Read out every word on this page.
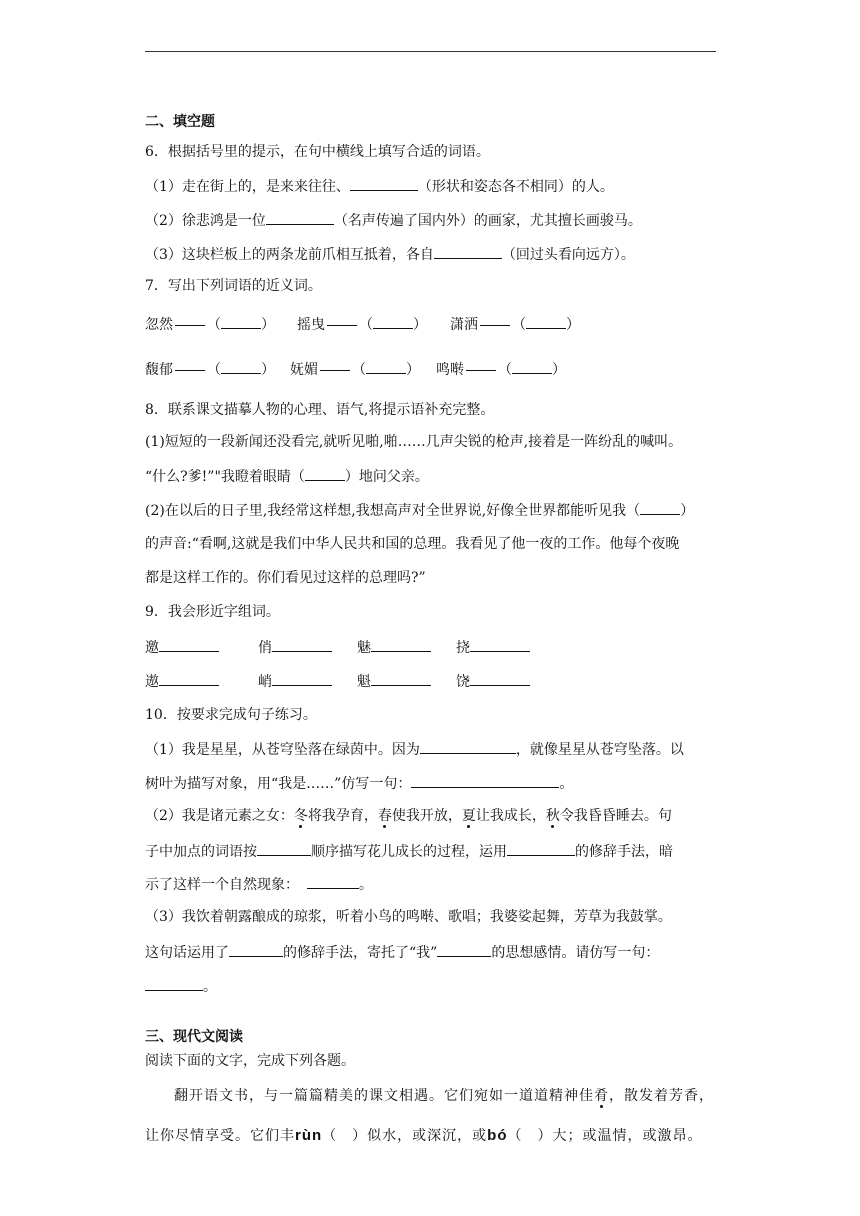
二、填空题
6．根据括号里的提示，在句中横线上填写合适的词语。
（1）走在街上的，是来来往往、	（形状和姿态各不相同）的人。
（2）徐悲鸿是一位	（名声传遍了国内外）的画家，尤其擅长画骏马。
（3）这块栏板上的两条龙前爪相互抵着，各自	（回过头看向远方）。
7．写出下列词语的近义词。
忽然 （	） 摇曳 （	） 潇洒 （	）
馥郁 （	） 妩媚 （	） 鸣啭 （	）
8．联系课文描摹人物的心理、语气,将提示语补充完整。
(1)短短的一段新闻还没看完,就听见啪,啪……几声尖锐的枪声,接着是一阵纷乱的喊叫。
“什么?爹!”"我瞪着眼睛（	）地问父亲。
(2)在以后的日子里,我经常这样想,我想高声对全世界说,好像全世界都能听见我（	）
的声音:“看啊,这就是我们中华人民共和国的总理。我看见了他一夜的工作。他每个夜晚
都是这样工作的。你们看见过这样的总理吗?”
9．我会形近字组词。
邀	俏	魅	挠
遨	峭	魁	饶
10．按要求完成句子练习。
（1）我是星星，从苍穹坠落在绿茵中。因为	，就像星星从苍穹坠落。以
树叶为描写对象，用“我是……”仿写一句：	。
（2）我是诸元素之女：冬将我孕育，春使我开放，夏让我成长，秋令我昏昏睡去。句
子中加点的词语按	顺序描写花儿成长的过程，运用	的修辞手法，暗
示了这样一个自然现象：	。
（3）我饮着朝露酿成的琼浆，听着小鸟的鸣啭、歌唱；我婆娑起舞，芳草为我鼓掌。
这句话运用了	的修辞手法，寄托了“我”	的思想感情。请仿写一句：
。
三、现代文阅读
阅读下面的文字，完成下列各题。
翻开语文书，与一篇篇精美的课文相遇。它们宛如一道道精神佳肴，散发着芳香，
让你尽情享受。它们丰rùn（　）似水，或深沉，或bó（　）大；或温情，或激昂。
